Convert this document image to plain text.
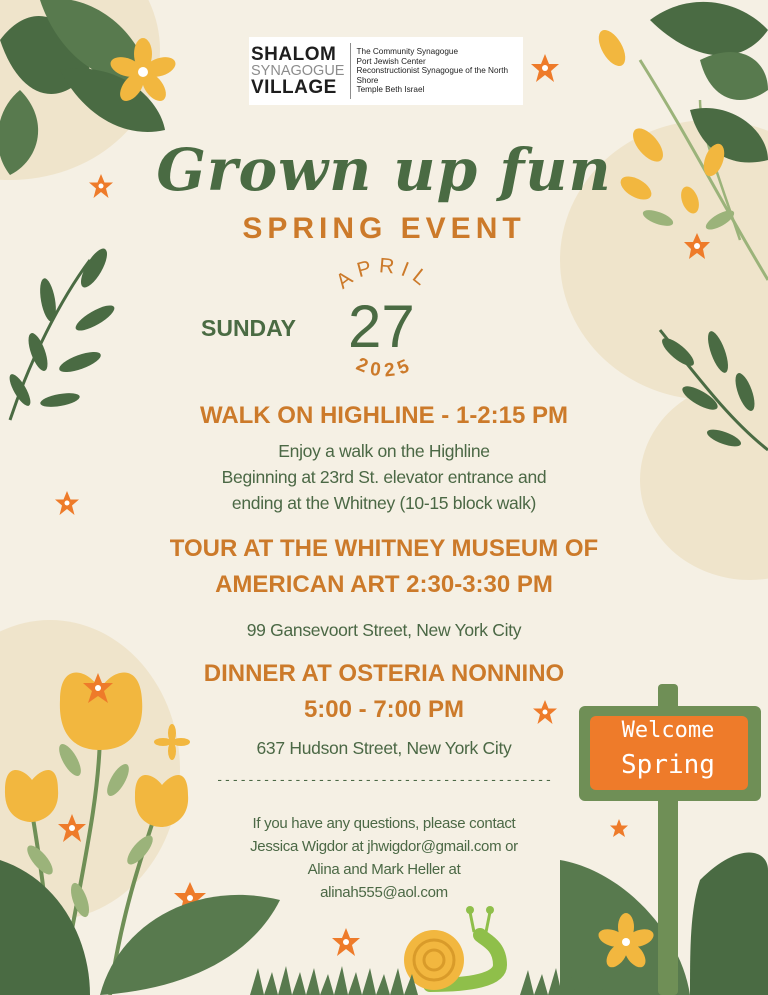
SHALOM
SYNAGOGUE
VILLAGE
The Community Synagogue
Port Jewish Center
Reconstructionist Synagogue of the North Shore
Temple Beth Israel
Grown up fun
SPRING EVENT
SUNDAY
APRIL
2025
27
WALK ON HIGHLINE - 1-2:15 PM
Enjoy a walk on the Highline
Beginning at 23rd St. elevator entrance and
ending at the Whitney (10-15 block walk)
TOUR AT THE WHITNEY MUSEUM OF
AMERICAN ART 2:30-3:30 PM
99 Gansevoort Street, New York City
DINNER AT OSTERIA NONNINO
5:00 - 7:00 PM
637 Hudson Street, New York City
-------------------------------------------
If you have any questions, please contact
Jessica Wigdor at jhwigdor@gmail.com or
Alina and Mark Heller at
alinah555@aol.com
Welcome
Spring
